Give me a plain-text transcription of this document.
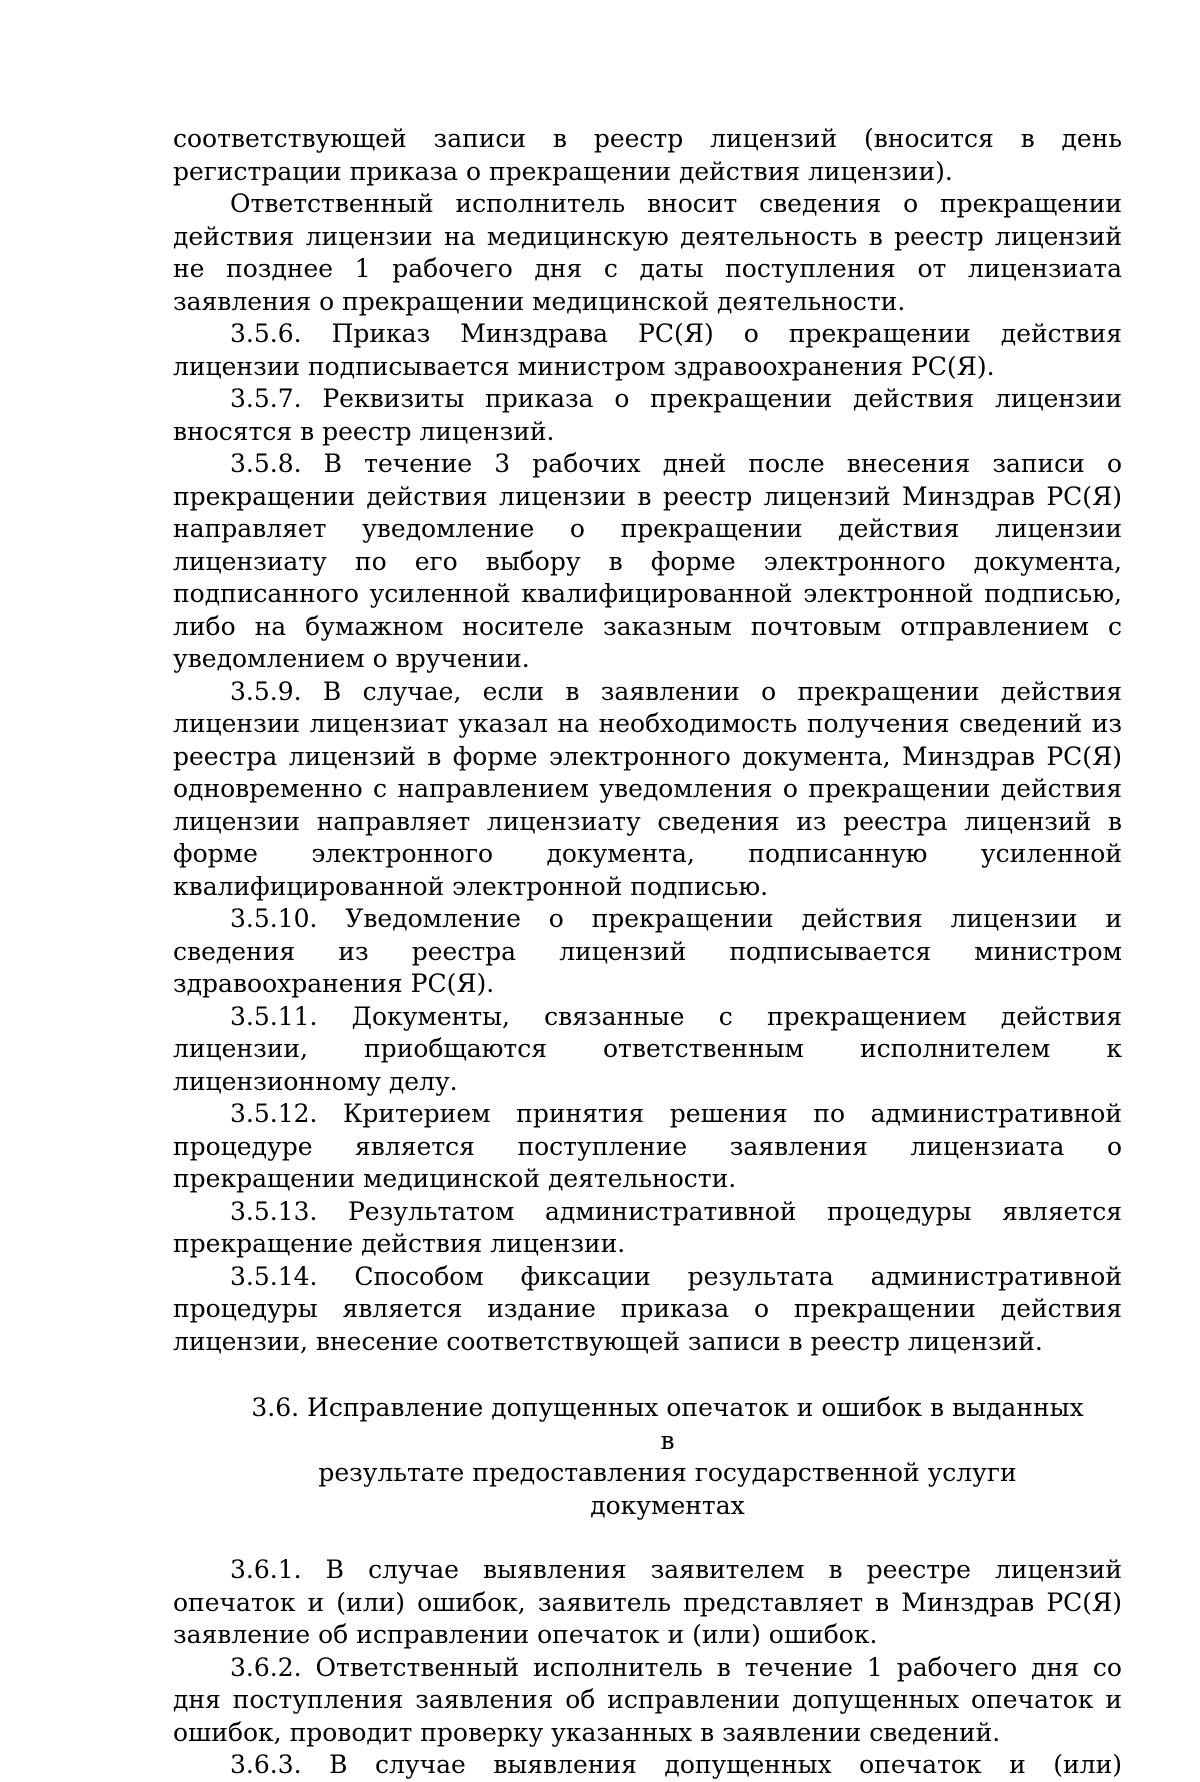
соответствующей записи в реестр лицензий (вносится в день регистрации приказа о прекращении действия лицензии).

Ответственный исполнитель вносит сведения о прекращении действия лицензии на медицинскую деятельность в реестр лицензий не позднее 1 рабочего дня с даты поступления от лицензиата заявления о прекращении медицинской деятельности.

3.5.6. Приказ Минздрава РС(Я) о прекращении действия лицензии подписывается министром здравоохранения РС(Я).

3.5.7. Реквизиты приказа о прекращении действия лицензии вносятся в реестр лицензий.

3.5.8. В течение 3 рабочих дней после внесения записи о прекращении действия лицензии в реестр лицензий Минздрав РС(Я) направляет уведомление о прекращении действия лицензии лицензиату по его выбору в форме электронного документа, подписанного усиленной квалифицированной электронной подписью, либо на бумажном носителе заказным почтовым отправлением с уведомлением о вручении.

3.5.9. В случае, если в заявлении о прекращении действия лицензии лицензиат указал на необходимость получения сведений из реестра лицензий в форме электронного документа, Минздрав РС(Я) одновременно с направлением уведомления о прекращении действия лицензии направляет лицензиату сведения из реестра лицензий в форме электронного документа, подписанную усиленной квалифицированной электронной подписью.

3.5.10. Уведомление о прекращении действия лицензии и сведения из реестра лицензий подписывается министром здравоохранения РС(Я).

3.5.11. Документы, связанные с прекращением действия лицензии, приобщаются ответственным исполнителем к лицензионному делу.

3.5.12. Критерием принятия решения по административной процедуре является поступление заявления лицензиата о прекращении медицинской деятельности.

3.5.13. Результатом административной процедуры является прекращение действия лицензии.

3.5.14. Способом фиксации результата административной процедуры является издание приказа о прекращении действия лицензии, внесение соответствующей записи в реестр лицензий.

3.6. Исправление допущенных опечаток и ошибок в выданных в
результате предоставления государственной услуги документах

3.6.1. В случае выявления заявителем в реестре лицензий опечаток и (или) ошибок, заявитель представляет в Минздрав РС(Я) заявление об исправлении опечаток и (или) ошибок.

3.6.2. Ответственный исполнитель в течение 1 рабочего дня со дня поступления заявления об исправлении допущенных опечаток и ошибок, проводит проверку указанных в заявлении сведений.

3.6.3. В случае выявления допущенных опечаток и (или)
